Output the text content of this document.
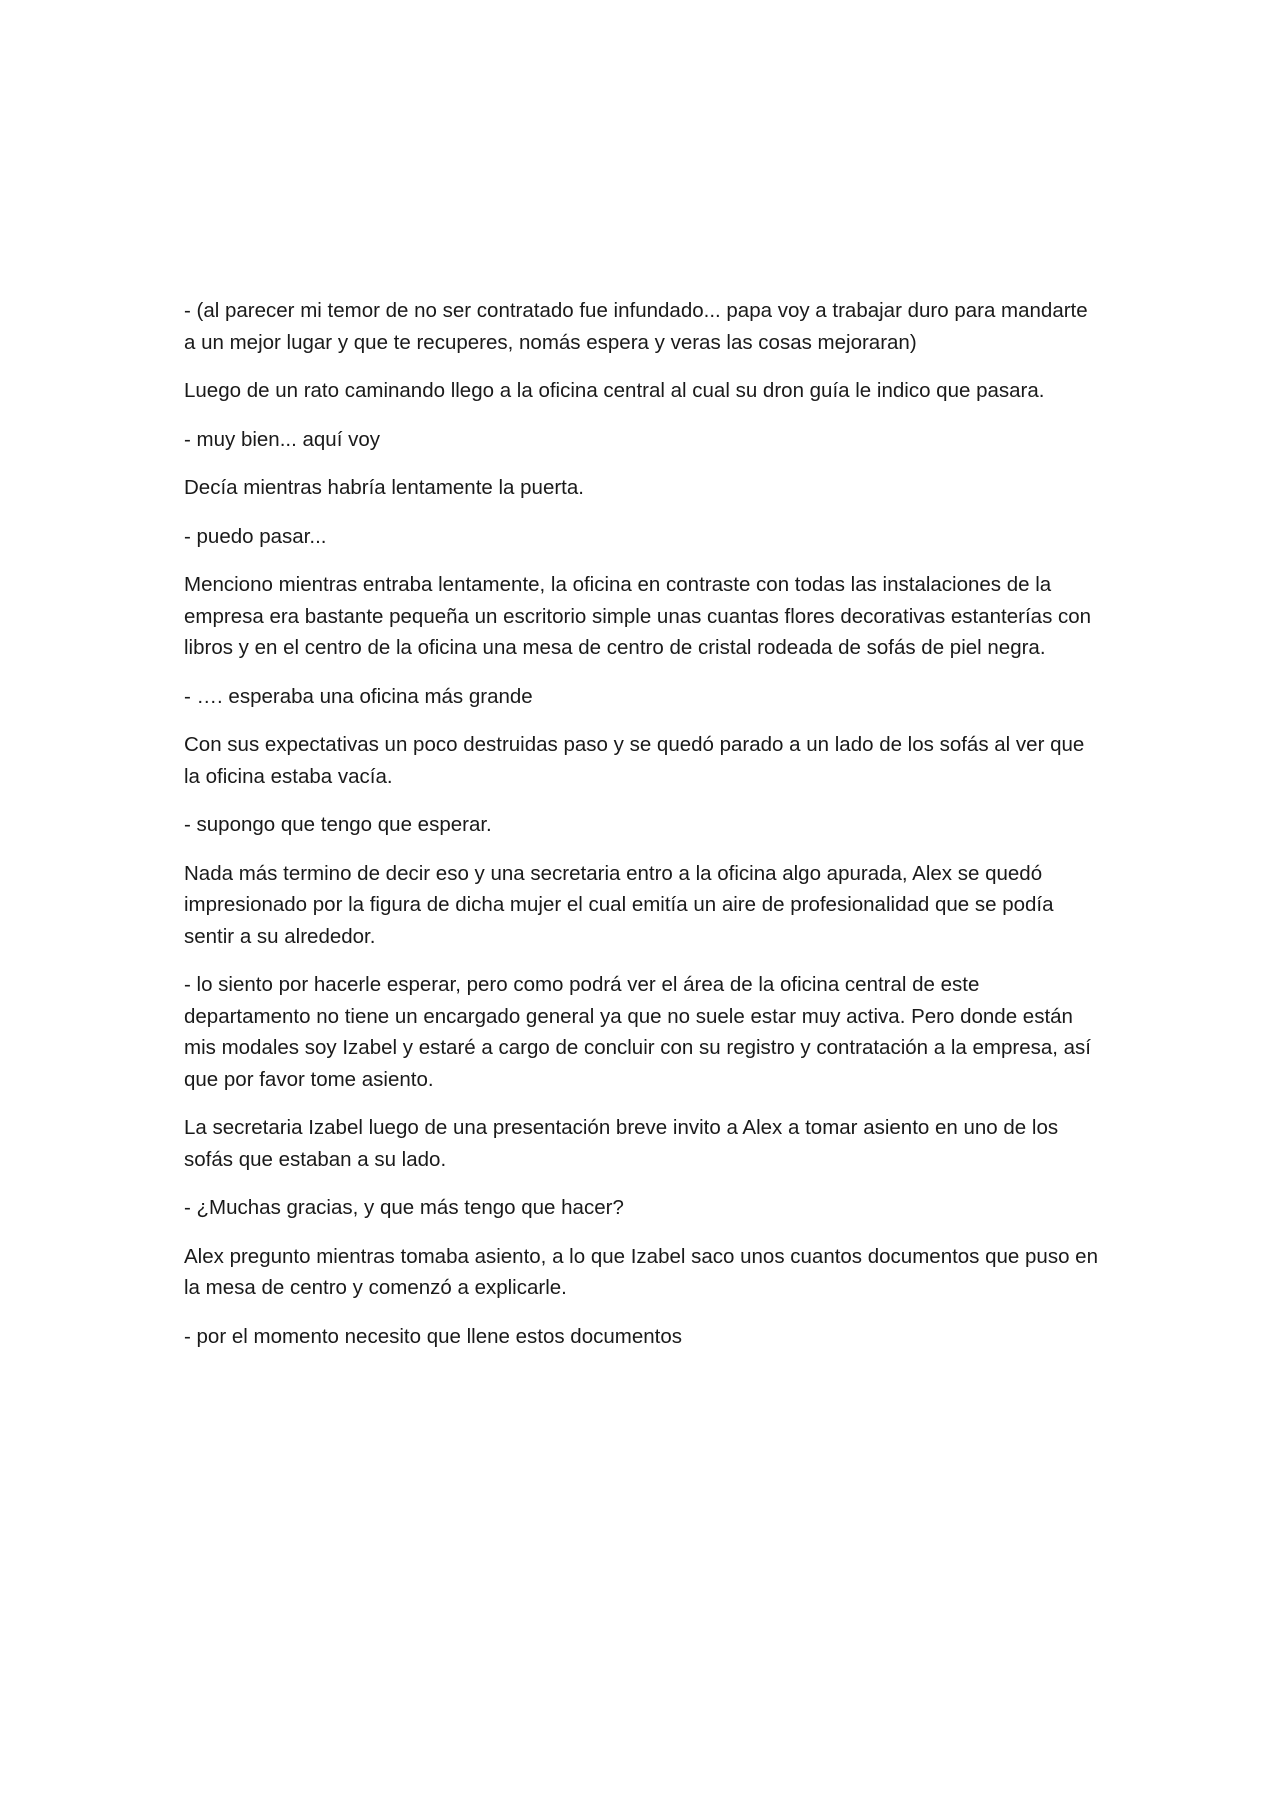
- (al parecer mi temor de no ser contratado fue infundado... papa voy a trabajar duro para mandarte a un mejor lugar y que te recuperes, nomás espera y veras las cosas mejoraran)

Luego de un rato caminando llego a la oficina central al cual su dron guía le indico que pasara.

- muy bien... aquí voy

Decía mientras habría lentamente la puerta.

- puedo pasar...

Menciono mientras entraba lentamente, la oficina en contraste con todas las instalaciones de la empresa era bastante pequeña un escritorio simple unas cuantas flores decorativas estanterías con libros y en el centro de la oficina una mesa de centro de cristal rodeada de sofás de piel negra.

- …. esperaba una oficina más grande

Con sus expectativas un poco destruidas paso y se quedó parado a un lado de los sofás al ver que la oficina estaba vacía.

- supongo que tengo que esperar.

Nada más termino de decir eso y una secretaria entro a la oficina algo apurada, Alex se quedó impresionado por la figura de dicha mujer el cual emitía un aire de profesionalidad que se podía sentir a su alrededor.

- lo siento por hacerle esperar, pero como podrá ver el área de la oficina central de este departamento no tiene un encargado general ya que no suele estar muy activa. Pero donde están mis modales soy Izabel y estaré a cargo de concluir con su registro y contratación a la empresa, así que por favor tome asiento.

La secretaria Izabel luego de una presentación breve invito a Alex a tomar asiento en uno de los sofás que estaban a su lado.

- ¿Muchas gracias, y que más tengo que hacer?

Alex pregunto mientras tomaba asiento, a lo que Izabel saco unos cuantos documentos que puso en la mesa de centro y comenzó a explicarle.

- por el momento necesito que llene estos documentos
